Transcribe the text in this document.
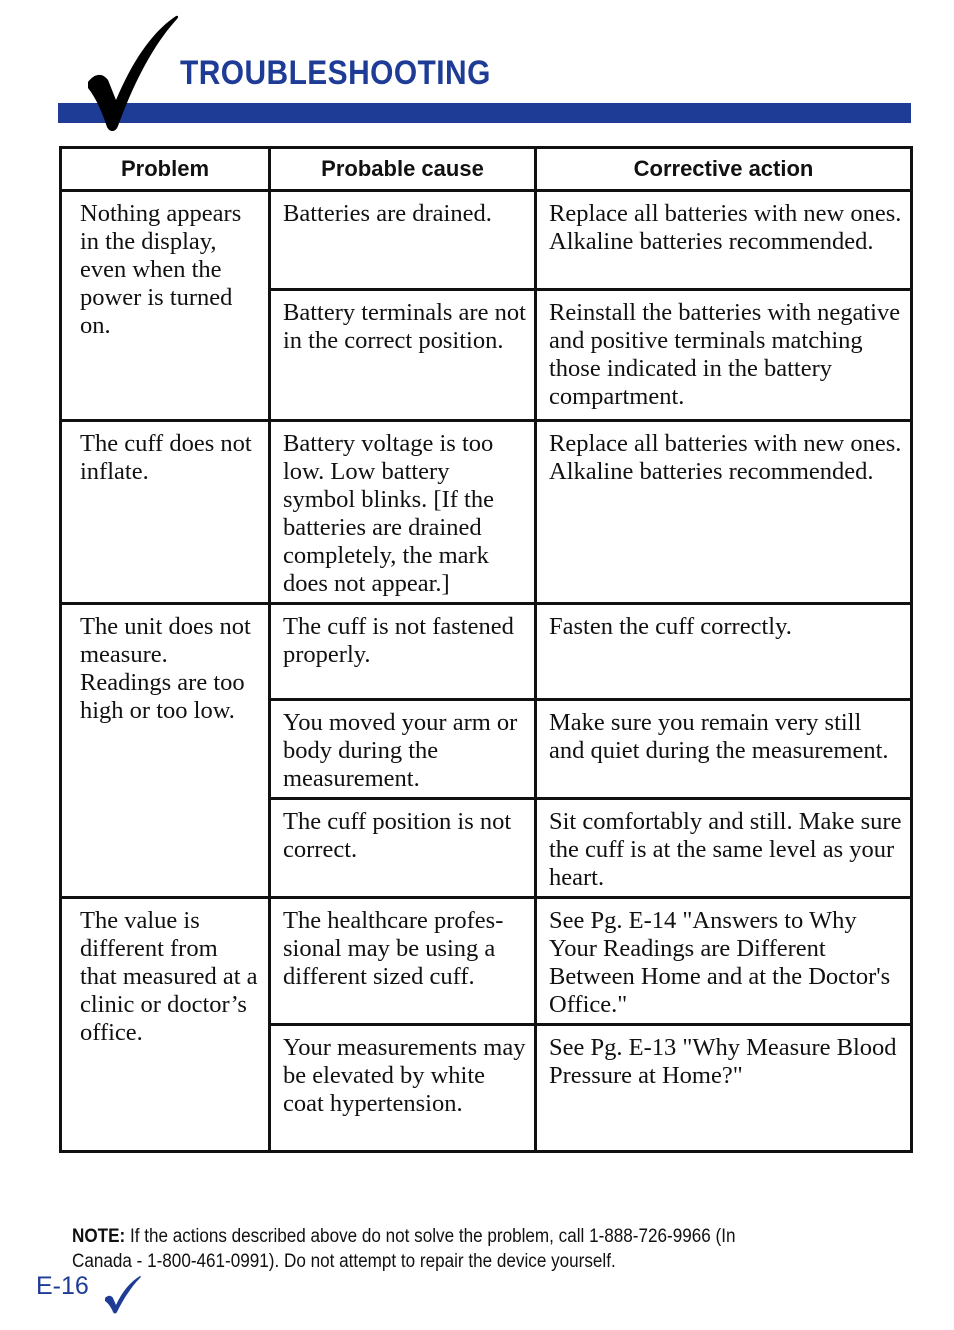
TROUBLESHOOTING
Problem	Probable cause	Corrective action
Nothing appears in the display, even when the power is turned on.	Batteries are drained.	Replace all batteries with new ones. Alkaline batteries recommended.
	Battery terminals are not in the correct position.	Reinstall the batteries with negative and positive terminals matching those indicated in the battery compartment.
The cuff does not inflate.	Battery voltage is too low. Low battery symbol blinks. [If the batteries are drained completely, the mark does not appear.]	Replace all batteries with new ones. Alkaline batteries recommended.
The unit does not measure. Readings are too high or too low.	The cuff is not fastened properly.	Fasten the cuff correctly.
	You moved your arm or body during the measurement.	Make sure you remain very still and quiet during the measurement.
	The cuff position is not correct.	Sit comfortably and still. Make sure the cuff is at the same level as your heart.
The value is different from that measured at a clinic or doctor’s office.	The healthcare profes-sional may be using a different sized cuff.	See Pg. E-14 "Answers to Why Your Readings are Different Between Home and at the Doctor's Office."
	Your measurements may be elevated by white coat hypertension.	See Pg. E-13 "Why Measure Blood Pressure at Home?"
NOTE: If the actions described above do not solve the problem, call 1-888-726-9966 (In Canada - 1-800-461-0991). Do not attempt to repair the device yourself.
E-16
